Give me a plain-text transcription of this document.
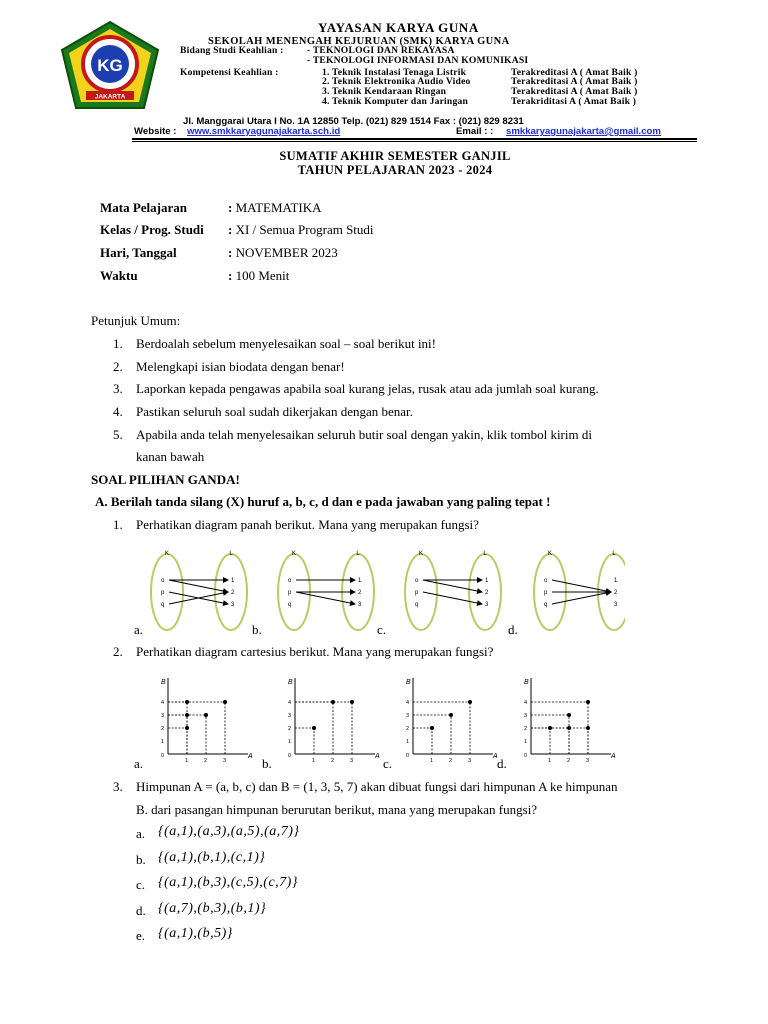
KG
JAKARTA
YAYASAN KARYA GUNA
SEKOLAH MENENGAH KEJURUAN (SMK) KARYA GUNA
Bidang Studi Keahlian : - TEKNOLOGI DAN REKAYASA
- TEKNOLOGI INFORMASI DAN KOMUNIKASI
Kompetensi Keahlian :	1. Teknik Instalasi Tenaga Listrik	Terakreditasi A ( Amat Baik )
2. Teknik Elektronika Audio Video	Terakreditasi A ( Amat Baik )
3. Teknik Kendaraan Ringan	Terakreditasi A ( Amat Baik )
4. Teknik Komputer dan Jaringan	Terakriditasi A ( Amat Baik )
Jl. Manggarai Utara I No. 1A 12850 Telp. (021) 829 1514 Fax : (021) 829 8231
Website : www.smkkaryagunajakarta.sch.id	Email : : smkkaryagunajakarta@gmail.com
SUMATIF AKHIR SEMESTER GANJIL
TAHUN PELAJARAN 2023 - 2024
Mata Pelajaran	: MATEMATIKA
Kelas / Prog. Studi : XI / Semua Program Studi
Hari, Tanggal	: NOVEMBER 2023
Waktu	: 100 Menit
Petunjuk Umum:
1. Berdoalah sebelum menyelesaikan soal – soal berikut ini!
2. Melengkapi isian biodata dengan benar!
3. Laporkan kepada pengawas apabila soal kurang jelas, rusak atau ada jumlah soal kurang.
4. Pastikan seluruh soal sudah dikerjakan dengan benar.
5. Apabila anda telah menyelesaikan seluruh butir soal dengan yakin, klik tombol kirim di
kanan bawah
SOAL PILIHAN GANDA!
A. Berilah tanda silang (X) huruf a, b, c, d dan e pada jawaban yang paling tepat !
1. Perhatikan diagram panah berikut. Mana yang merupakan fungsi?
K	L
o	1
p	2
q	3
K	L
o	1
p	2
q	3
K	L
o	1
p	2
q	3
K	L
o	1
p	2
q	3
a.	b.	c.	d.
2. Perhatikan diagram cartesius berikut. Mana yang merupakan fungsi?
B
A
0
1	2	3
1
2
3
4
B
A
0
1	2	3
1
2
3
4
B
A
0
1	2	3
1
2
3
4
B
A
0
1	2	3
1
2
3
4
a.	b.	c.	d.
3. Himpunan A = (a, b, c) dan B = (1, 3, 5, 7) akan dibuat fungsi dari himpunan A ke himpunan
B. dari pasangan himpunan berurutan berikut, mana yang merupakan fungsi?
a. {(a,1),(a,3),(a,5),(a,7)}
b. {(a,1),(b,1),(c,1)}
c. {(a,1),(b,3),(c,5),(c,7)}
d. {(a,7),(b,3),(b,1)}
e. {(a,1),(b,5)}
